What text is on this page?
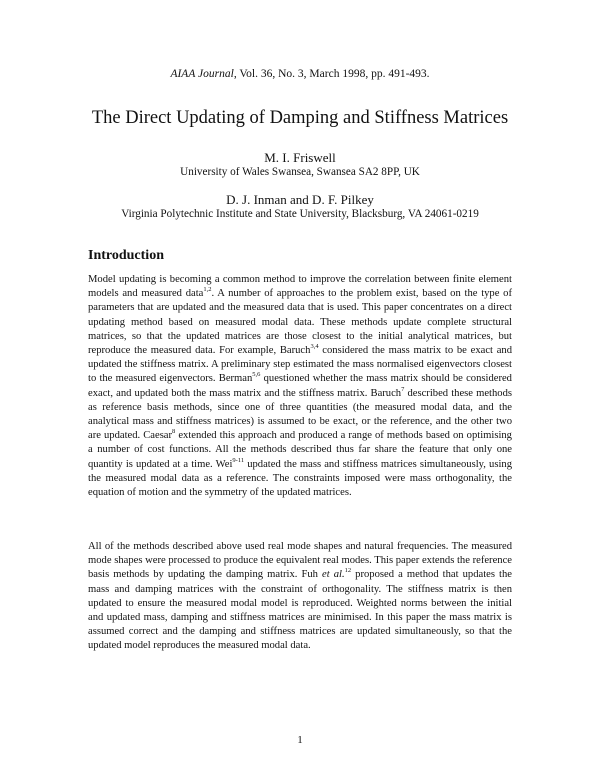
AIAA Journal, Vol. 36, No. 3, March 1998, pp. 491-493.
The Direct Updating of Damping and Stiffness Matrices
M. I. Friswell
University of Wales Swansea, Swansea SA2 8PP, UK
D. J. Inman and D. F. Pilkey
Virginia Polytechnic Institute and State University, Blacksburg, VA 24061-0219
Introduction

Model updating is becoming a common method to improve the correlation between finite element models and measured data$^{1,2}$. A number of approaches to the problem exist, based on the type of parameters that are updated and the measured data that is used. This paper concentrates on a direct updating method based on measured modal data. These methods update complete structural matrices, so that the updated matrices are those closest to the initial analytical matrices, but reproduce the measured data. For example, Baruch$^{3,4}$ considered the mass matrix to be exact and updated the stiffness matrix. A preliminary step estimated the mass normalised eigenvectors closest to the measured eigenvectors. Berman$^{5,6}$ questioned whether the mass matrix should be considered exact, and updated both the mass matrix and the stiffness matrix. Baruch$^7$ described these methods as reference basis methods, since one of three quantities (the measured modal data, and the analytical mass and stiffness matrices) is assumed to be exact, or the reference, and the other two are updated. Caesar$^8$ extended this approach and produced a range of methods based on optimising a number of cost functions. All the methods described thus far share the feature that only one quantity is updated at a time. Wei$^{9-11}$ updated the mass and stiffness matrices simultaneously, using the measured modal data as a reference. The constraints imposed were mass orthogonality, the equation of motion and the symmetry of the updated matrices.

All of the methods described above used real mode shapes and natural frequencies. The measured mode shapes were processed to produce the equivalent real modes. This paper extends the reference basis methods by updating the damping matrix. Fuh et al.$^{12}$ proposed a method that updates the mass and damping matrices with the constraint of orthogonality. The stiffness matrix is then updated to ensure the measured modal model is reproduced. Weighted norms between the initial and updated mass, damping and stiffness matrices are minimised. In this paper the mass matrix is assumed correct and the damping and stiffness matrices are updated simultaneously, so that the updated model reproduces the measured modal data.

1
